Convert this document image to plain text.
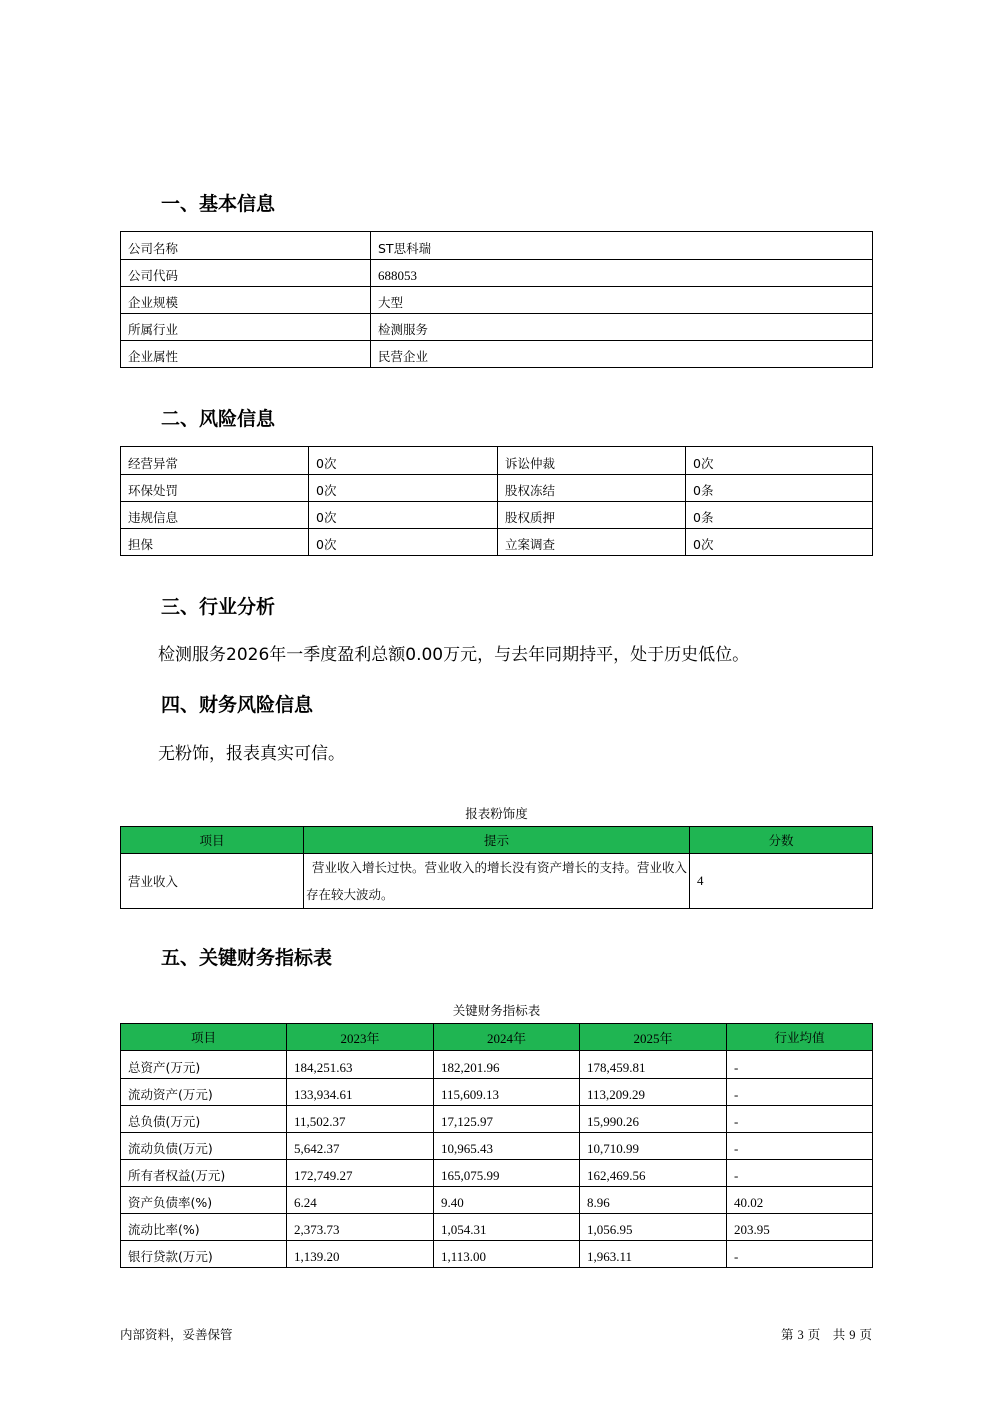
一、基本信息
公司名称	ST思科瑞
公司代码	688053
企业规模	大型
所属行业	检测服务
企业属性	民营企业
二、风险信息
经营异常	0次	诉讼仲裁	0次
环保处罚	0次	股权冻结	0条
违规信息	0次	股权质押	0条
担保	0次	立案调查	0次
三、行业分析

检测服务2026年一季度盈利总额0.00万元，与去年同期持平，处于历史低位。

四、财务风险信息

无粉饰，报表真实可信。

报表粉饰度

项目	提示	分数
营业收入	营业收入增长过快。营业收入的增长没有资产增长的支持。营业收入存在较大波动。	4
五、关键财务指标表

关键财务指标表

项目	2023年	2024年	2025年	行业均值
总资产(万元)	184,251.63	182,201.96	178,459.81	-
流动资产(万元)	133,934.61	115,609.13	113,209.29	-
总负债(万元)	11,502.37	17,125.97	15,990.26	-
流动负债(万元)	5,642.37	10,965.43	10,710.99	-
所有者权益(万元)	172,749.27	165,075.99	162,469.56	-
资产负债率(%)	6.24	9.40	8.96	40.02
流动比率(%)	2,373.73	1,054.31	1,056.95	203.95
银行贷款(万元)	1,139.20	1,113.00	1,963.11	-

内部资料，妥善保管	第 3 页　共 9 页
